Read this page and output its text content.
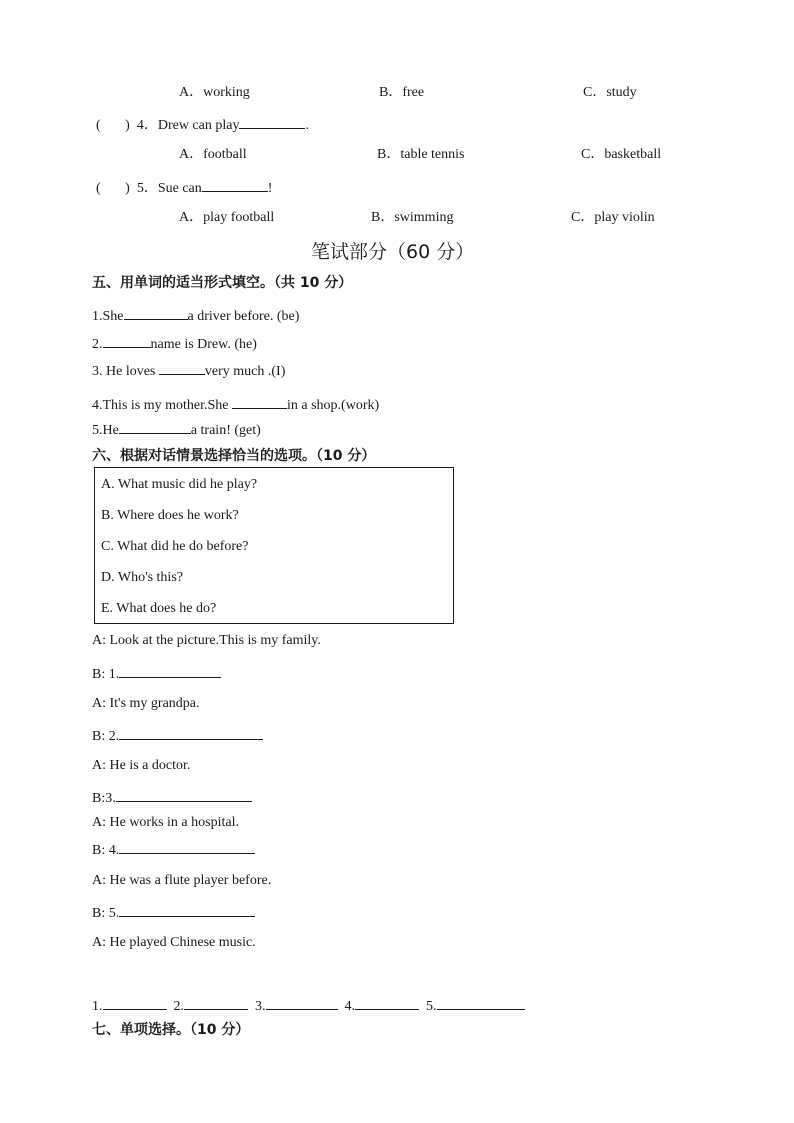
A．working	B．free	C．study
(       ) 4．Drew can play	.
A．football	B．table tennis	C．basketball
(       ) 5．Sue can	!
A．play football	B．swimming	C．play violin
笔试部分（60 分）
五、用单词的适当形式填空。（共 10 分）
1.She	a driver before. (be)
2.	name is Drew. (he)
3. He loves	very much .(I)
4.This is my mother.She	in a shop.(work)
5.He	a train! (get)
六、根据对话情景选择恰当的选项。（10 分）
A. What music did he play?
B. Where does he work?
C. What did he do before?
D. Who's this?
E. What does he do?
A: Look at the picture.This is my family.
B: 1.
A: It's my grandpa.
B: 2.
A: He is a doctor.
B:3.
A: He works in a hospital.
B: 4.
A: He was a flute player before.
B: 5.
A: He played Chinese music.
1.	2.	3.	4.	5.
七、单项选择。（10 分）
